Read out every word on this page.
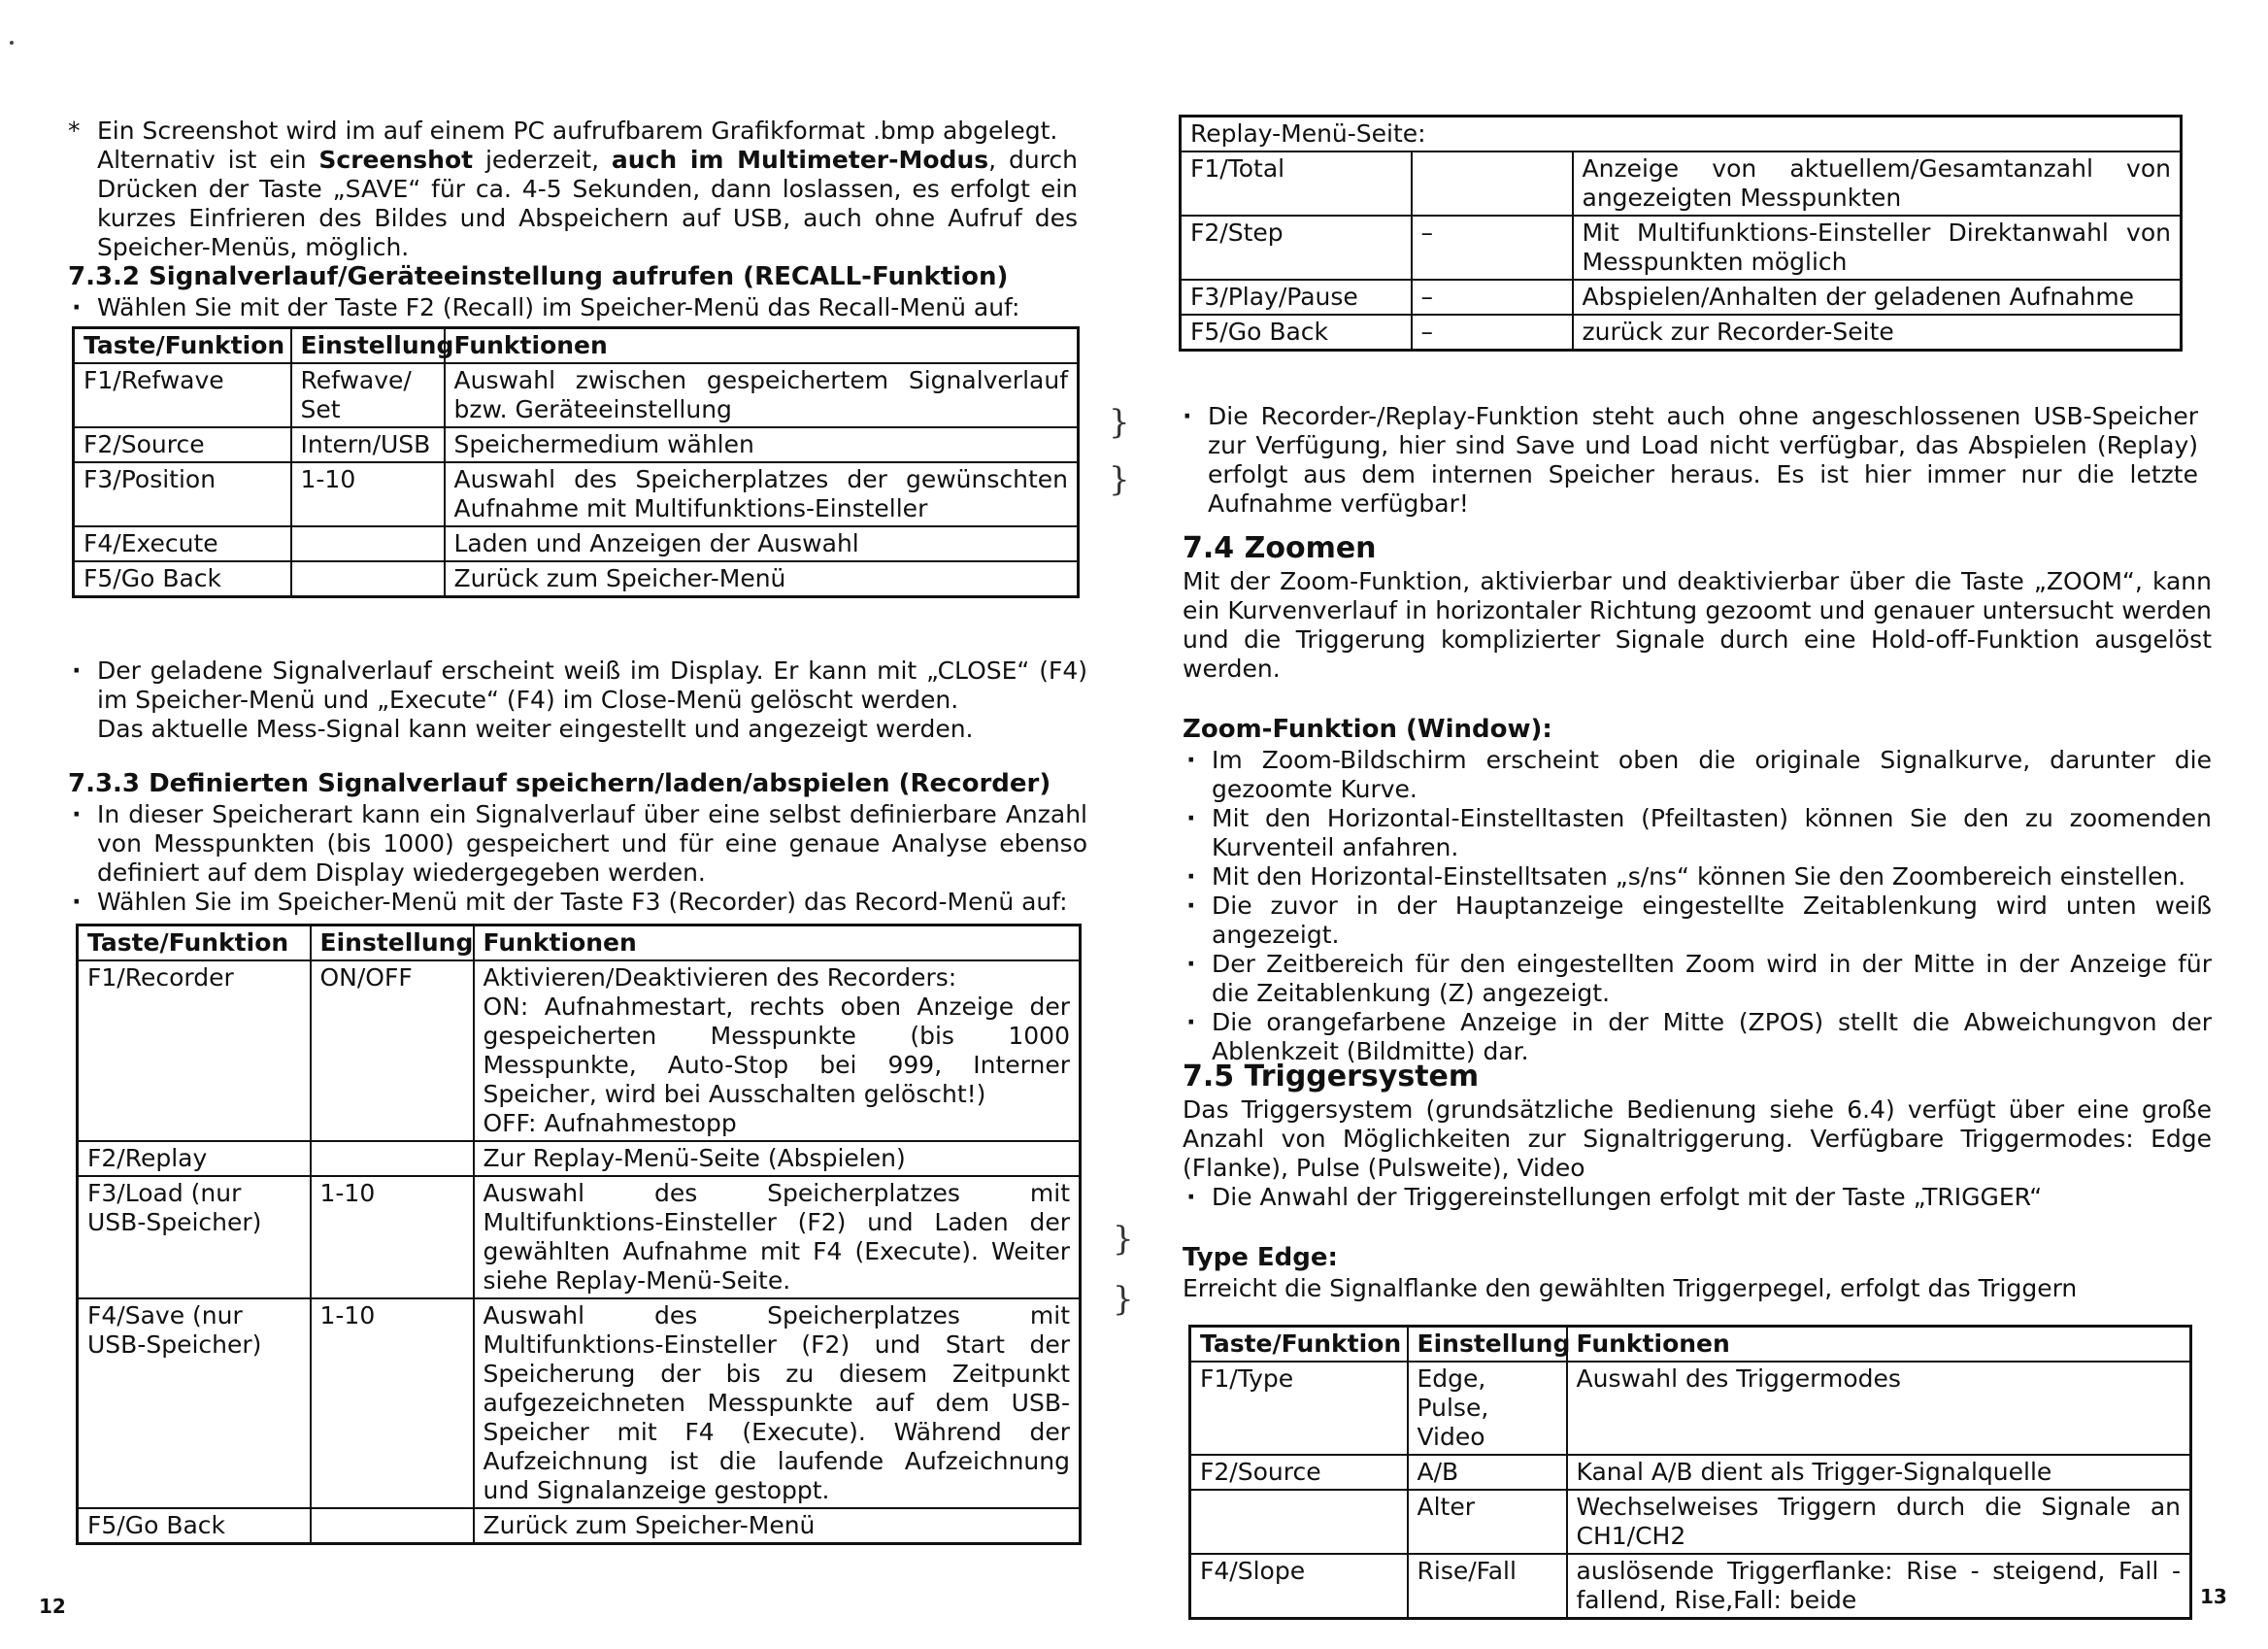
* Ein Screenshot wird im auf einem PC aufrufbarem Grafikformat .bmp abgelegt.

Alternativ ist ein Screenshot jederzeit, auch im Multimeter-Modus, durch Drücken der Taste „SAVE“ für ca. 4-5 Sekunden, dann loslassen, es erfolgt ein kurzes Einfrieren des Bildes und Abspeichern auf USB, auch ohne Aufruf des Speicher-Menüs, möglich.

7.3.2 Signalverlauf/Geräteeinstellung aufrufen (RECALL-Funktion)

· Wählen Sie mit der Taste F2 (Recall) im Speicher-Menü das Recall-Menü auf:
Taste/Funktion	Einstellung	Funktionen
F1/Refwave	Refwave/ Set	Auswahl zwischen gespeichertem Signalverlauf bzw. Geräteeinstellung
F2/Source	Intern/USB	Speichermedium wählen
F3/Position	1-10	Auswahl des Speicherplatzes der gewünschten Aufnahme mit Multifunktions-Einsteller
F4/Execute		Laden und Anzeigen der Auswahl
F5/Go Back		Zurück zum Speicher-Menü
· Der geladene Signalverlauf erscheint weiß im Display. Er kann mit „CLOSE“ (F4) im Speicher-Menü und „Execute“ (F4) im Close-Menü gelöscht werden.
Das aktuelle Mess-Signal kann weiter eingestellt und angezeigt werden.

7.3.3 Definierten Signalverlauf speichern/laden/abspielen (Recorder)

· In dieser Speicherart kann ein Signalverlauf über eine selbst definierbare Anzahl von Messpunkten (bis 1000) gespeichert und für eine genaue Analyse ebenso definiert auf dem Display wiedergegeben werden.
· Wählen Sie im Speicher-Menü mit der Taste F3 (Recorder) das Record-Menü auf:
Taste/Funktion	Einstellung	Funktionen
F1/Recorder	ON/OFF	Aktivieren/Deaktivieren des Recorders:
ON: Aufnahmestart, rechts oben Anzeige der gespeicherten Messpunkte (bis 1000 Messpunkte, Auto-Stop bei 999, Interner Speicher, wird bei Ausschalten gelöscht!)
OFF: Aufnahmestopp
F2/Replay		Zur Replay-Menü-Seite (Abspielen)
F3/Load (nur USB-Speicher)	1-10	Auswahl des Speicherplatzes mit Multifunktions-Einsteller (F2) und Laden der gewählten Aufnahme mit F4 (Execute). Weiter siehe Replay-Menü-Seite.
F4/Save (nur USB-Speicher)	1-10	Auswahl des Speicherplatzes mit Multifunktions-Einsteller (F2) und Start der Speicherung der bis zu diesem Zeitpunkt aufgezeichneten Messpunkte auf dem USB-Speicher mit F4 (Execute). Während der Aufzeichnung ist die laufende Aufzeichnung und Signalanzeige gestoppt.
F5/Go Back		Zurück zum Speicher-Menü
12
}
}
}
}
Replay-Menü-Seite:		
F1/Total		Anzeige von aktuellem/Gesamtanzahl von angezeigten Messpunkten
F2/Step	–	Mit Multifunktions-Einsteller Direktanwahl von Messpunkten möglich
F3/Play/Pause	–	Abspielen/Anhalten der geladenen Aufnahme
F5/Go Back	–	zurück zur Recorder-Seite
· Die Recorder-/Replay-Funktion steht auch ohne angeschlossenen USB-Speicher zur Verfügung, hier sind Save und Load nicht verfügbar, das Abspielen (Replay) erfolgt aus dem internen Speicher heraus. Es ist hier immer nur die letzte Aufnahme verfügbar!

7.4 Zoomen

Mit der Zoom-Funktion, aktivierbar und deaktivierbar über die Taste „ZOOM“, kann ein Kurvenverlauf in horizontaler Richtung gezoomt und genauer untersucht werden und die Triggerung komplizierter Signale durch eine Hold-off-Funktion ausgelöst werden.

Zoom-Funktion (Window):

· Im Zoom-Bildschirm erscheint oben die originale Signalkurve, darunter die gezoomte Kurve.
· Mit den Horizontal-Einstelltasten (Pfeiltasten) können Sie den zu zoomenden Kurventeil anfahren.
· Mit den Horizontal-Einstelltsaten „s/ns“ können Sie den Zoombereich einstellen.
· Die zuvor in der Hauptanzeige eingestellte Zeitablenkung wird unten weiß angezeigt.
· Der Zeitbereich für den eingestellten Zoom wird in der Mitte in der Anzeige für die Zeitablenkung (Z) angezeigt.
· Die orangefarbene Anzeige in der Mitte (ZPOS) stellt die Abweichungvon der Ablenkzeit (Bildmitte) dar.

7.5 Triggersystem

Das Triggersystem (grundsätzliche Bedienung siehe 6.4) verfügt über eine große Anzahl von Möglichkeiten zur Signaltriggerung. Verfügbare Triggermodes: Edge (Flanke), Pulse (Pulsweite), Video

· Die Anwahl der Triggereinstellungen erfolgt mit der Taste „TRIGGER“

Type Edge:

Erreicht die Signalflanke den gewählten Triggerpegel, erfolgt das Triggern

Taste/Funktion	Einstellung	Funktionen
F1/Type	Edge, Pulse, Video	Auswahl des Triggermodes
F2/Source	A/B	Kanal A/B dient als Trigger-Signalquelle
	Alter	Wechselweises Triggern durch die Signale an CH1/CH2
F4/Slope	Rise/Fall	auslösende Triggerflanke: Rise - steigend, Fall - fallend, Rise,Fall: beide	13
